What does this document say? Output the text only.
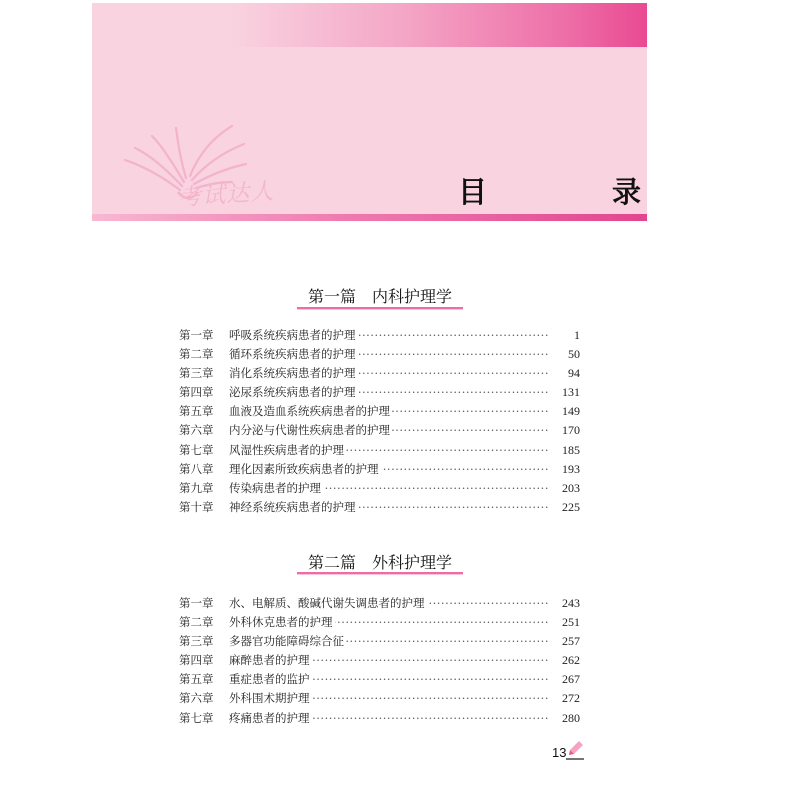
考试达人	目　录
第一篇　内科护理学
第一章 呼吸系统疾病患者的护理 ·····	1
第二章 循环系统疾病患者的护理 ·····	50
第三章 消化系统疾病患者的护理 ·····	94
第四章 泌尿系统疾病患者的护理 ·····	131
第五章 血液及造血系统疾病患者的护理 ·····	149
第六章 内分泌与代谢性疾病患者的护理 ·····	170
第七章 风湿性疾病患者的护理 ·····	185
第八章 理化因素所致疾病患者的护理 ·····	193
第九章 传染病患者的护理 ·····	203
第十章 神经系统疾病患者的护理 ·····	225
第二篇　外科护理学
第一章 水、电解质、酸碱代谢失调患者的护理 ·····	243
第二章 外科休克患者的护理 ·····	251
第三章 多器官功能障碍综合征 ·····	257
第四章 麻醉患者的护理 ·····	262
第五章 重症患者的监护 ·····	267
第六章 外科围术期护理 ·····	272
第七章 疼痛患者的护理 ·····	280
13
